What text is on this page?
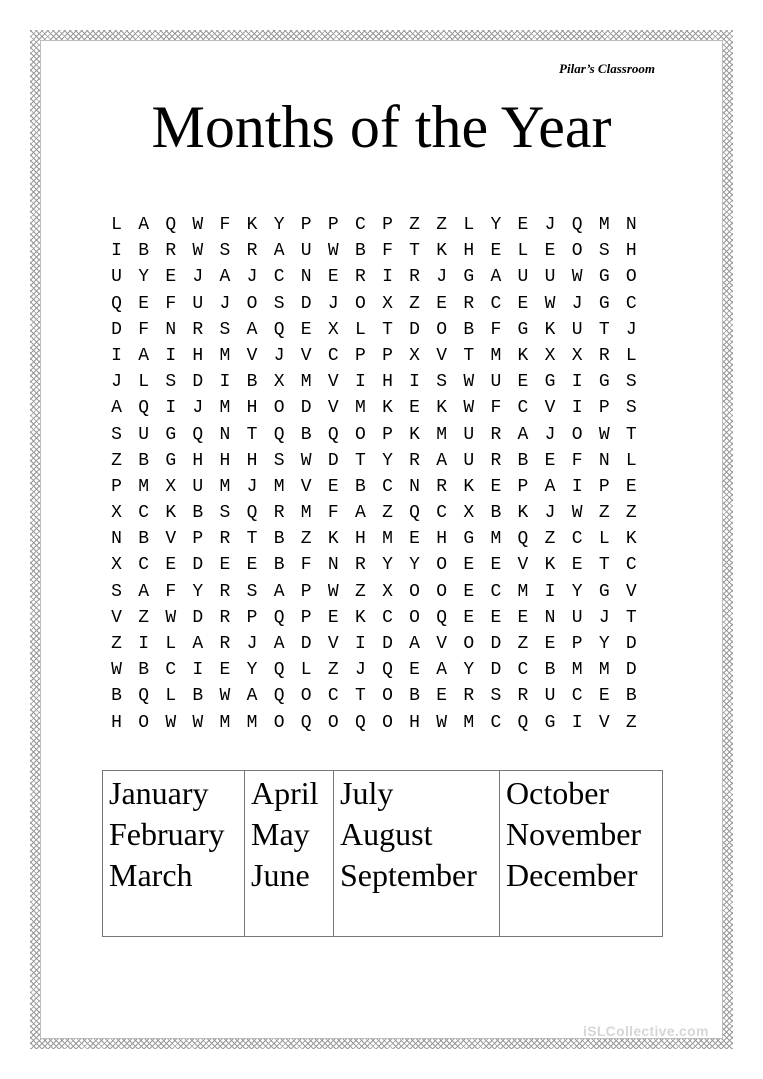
Pilar’s Classroom
Months of the Year
L A Q W F K Y P P C P Z Z L Y E J Q M N
I B R W S R A U W B F T K H E L E O S H
U Y E J A J C N E R I R J G A U U W G O
Q E F U J O S D J O X Z E R C E W J G C
D F N R S A Q E X L T D O B F G K U T J
I A I H M V J V C P P X V T M K X X R L
J L S D I B X M V I H I S W U E G I G S
A Q I J M H O D V M K E K W F C V I P S
S U G Q N T Q B Q O P K M U R A J O W T
Z B G H H H S W D T Y R A U R B E F N L
P M X U M J M V E B C N R K E P A I P E
X C K B S Q R M F A Z Q C X B K J W Z Z
N B V P R T B Z K H M E H G M Q Z C L K
X C E D E E B F N R Y Y O E E V K E T C
S A F Y R S A P W Z X O O E C M I Y G V
V Z W D R P Q P E K C O Q E E E N U J T
Z I L A R J A D V I D A V O D Z E P Y D
W B C I E Y Q L Z J Q E A Y D C B M M D
B Q L B W A Q O C T O B E R S R U C E B
H O W W M M O Q O Q O H W M C Q G I V Z
January
February
March

April
May
June

July
August
September

October
November
December
iSLCollective.com
